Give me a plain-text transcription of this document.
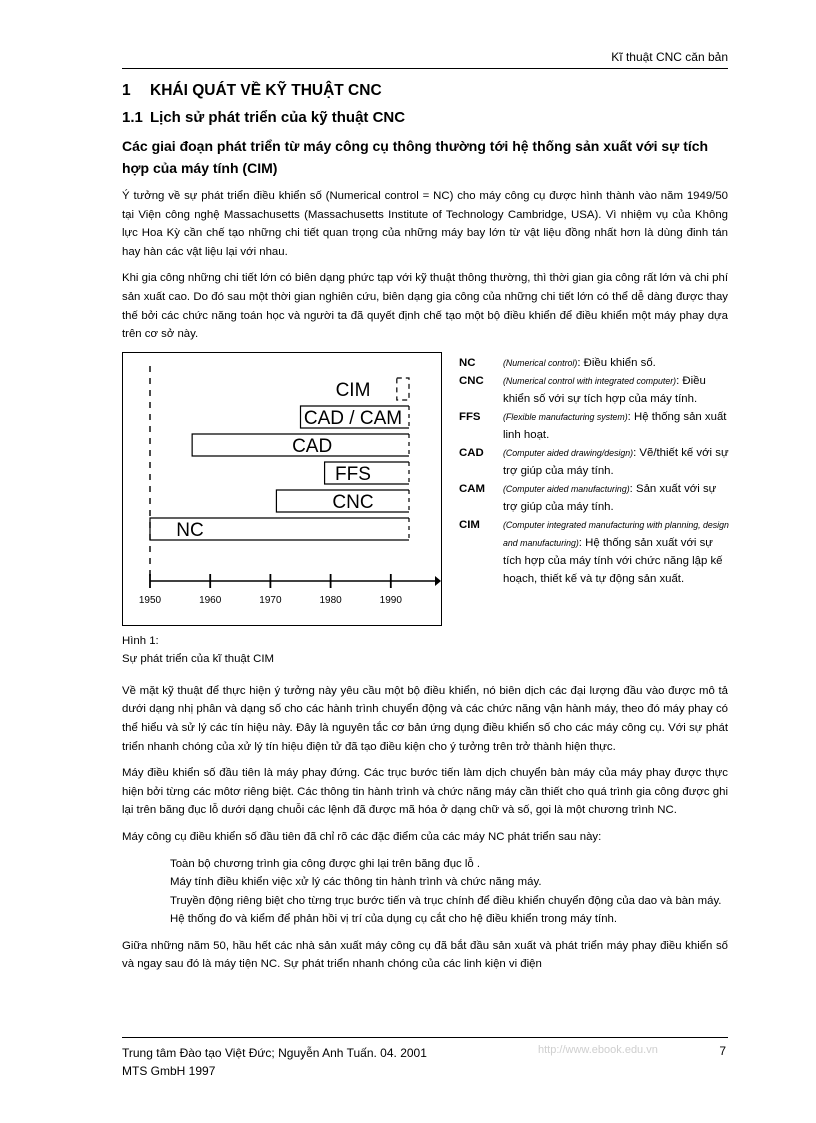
Kĩ thuật CNC căn bản
1 KHÁI QUÁT VỀ KỸ THUẬT CNC
1.1 Lịch sử phát triển của kỹ thuật CNC
Các giai đoạn phát triển từ máy công cụ thông thường tới hệ thống sản xuất với sự tích hợp của máy tính (CIM)

Ý tưởng về sự phát triển điều khiển số (Numerical control = NC) cho máy công cụ được hình thành vào năm 1949/50 tại Viện công nghệ Massachusetts (Massachusetts Institute of Technology Cambridge, USA). Vì nhiệm vụ của Không lực Hoa Kỳ cần chế tạo những chi tiết quan trọng của những máy bay lớn từ vật liệu đồng nhất hơn là dùng đinh tán hay hàn các vật liệu lại với nhau.

Khi gia công những chi tiết lớn có biên dạng phức tạp với kỹ thuật thông thường, thì thời gian gia công rất lớn và chi phí sản xuất cao. Do đó sau một thời gian nghiên cứu, biên dạng gia công của những chi tiết lớn có thể dễ dàng được thay thế bởi các chức năng toán học và người ta đã quyết định chế tạo một bộ điều khiển để điều khiển một máy phay dựa trên cơ sở này.

CIM
CAD / CAM
CAD
FFS
CNC
NC
1950	1960	1970	1980	1990
NC	(Numerical control): Điều khiển số.
CNC (Numerical control with integrated computer): Điều khiển số với sự tích hợp của máy tính.
FFS	(Flexible manufacturing system): Hệ thống sản xuất linh hoạt.
CAD (Computer aided drawing/design): Vẽ/thiết kế với sự trợ giúp của máy tính.
CAM (Computer aided manufacturing): Sản xuất với sự trợ giúp của máy tính.
CIM	(Computer integrated manufacturing with planning, design and manufacturing): Hệ thống sản xuất với sự tích hợp của máy tính với chức năng lập kế hoạch, thiết kế và tự động sản xuất.
Hình 1:
Sự phát triển của kĩ thuật CIM

Về mặt kỹ thuật để thực hiện ý tưởng này yêu cầu một bộ điều khiển, nó biên dịch các đại lượng đầu vào được mô tả dưới dạng nhị phân và dạng số cho các hành trình chuyển động và các chức năng vận hành máy, theo đó máy phay có thể hiểu và sử lý các tín hiệu này. Đây là nguyên tắc cơ bản ứng dụng điều khiển số cho các máy công cụ. Với sự phát triển nhanh chóng của xử lý tín hiệu điện tử đã tạo điều kiện cho ý tưởng trên trở thành hiện thực.

Máy điều khiển số đầu tiên là máy phay đứng. Các trục bước tiến làm dịch chuyển bàn máy của máy phay được thực hiện bởi từng các môtơ riêng biệt. Các thông tin hành trình và chức năng máy cần thiết cho quá trình gia công được ghi lại trên băng đục lỗ dưới dạng chuỗi các lệnh đã được mã hóa ở dạng chữ và số, gọi là một chương trình NC.

Máy công cụ điều khiển số đầu tiên đã chỉ rõ các đặc điểm của các máy NC phát triển sau này:

Toàn bộ chương trình gia công được ghi lại trên băng đục lỗ .
Máy tính điều khiển việc xử lý các thông tin hành trình và chức năng máy.
Truyền động riêng biệt cho từng trục bước tiến và trục chính để điều khiển chuyển động của dao và bàn máy.
Hệ thống đo và kiểm để phản hồi vị trí của dụng cụ cắt cho hệ điều khiển trong máy tính.

Giữa những năm 50, hầu hết các nhà sản xuất máy công cụ đã bắt đầu sản xuất và phát triển máy phay điều khiển số và ngay sau đó là máy tiện NC. Sự phát triển nhanh chóng của các linh kiện vi điện

Trung tâm Đào tạo Việt Đức; Nguyễn Anh Tuấn. 04. 2001
MTS GmbH 1997
http://www.ebook.edu.vn	7
